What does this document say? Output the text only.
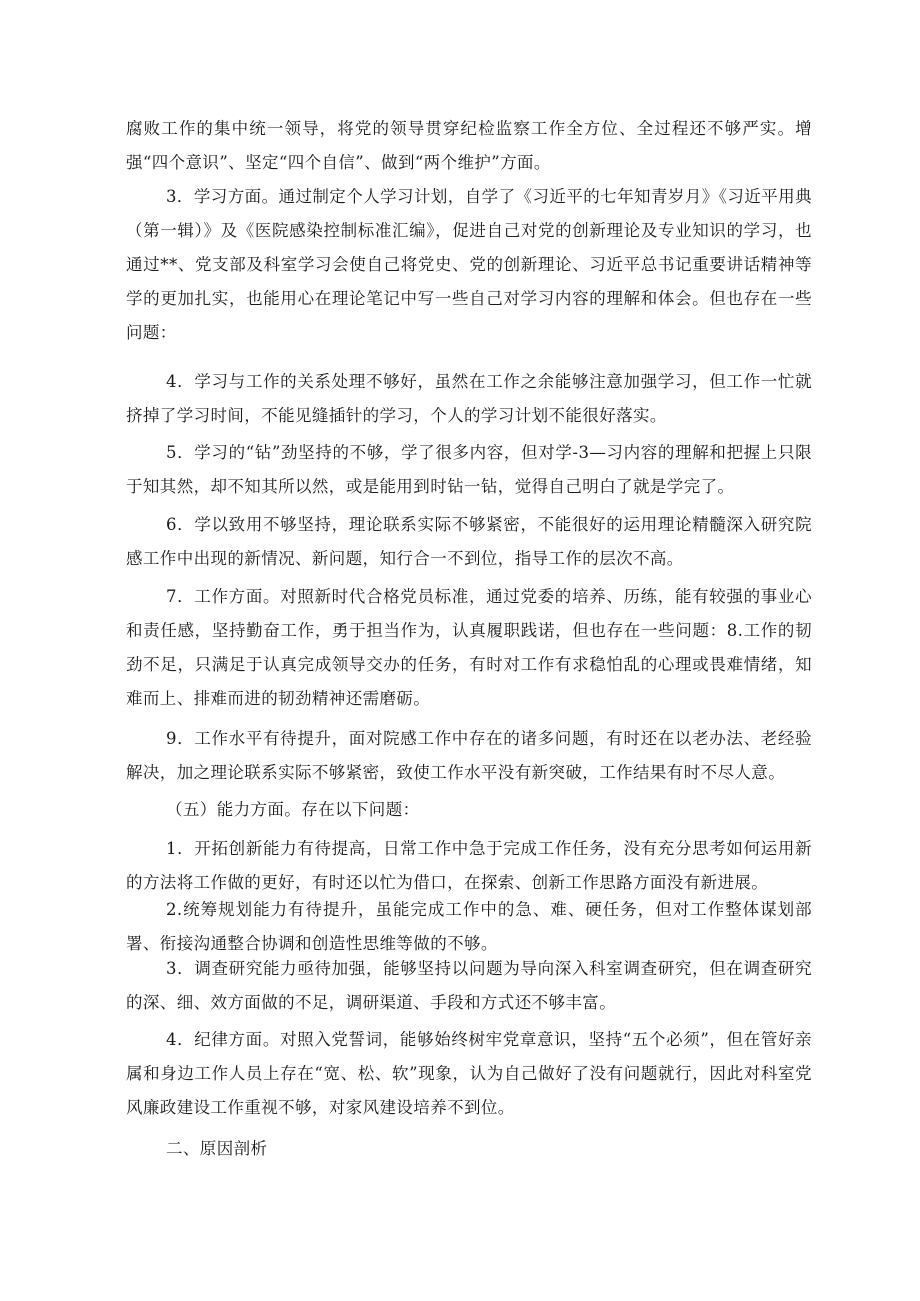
腐败工作的集中统一领导，将党的领导贯穿纪检监察工作全方位、全过程还不够严实。增强“四个意识”、坚定“四个自信”、做到“两个维护”方面。

3．学习方面。通过制定个人学习计划，自学了《习近平的七年知青岁月》《习近平用典（第一辑）》及《医院感染控制标准汇编》，促进自己对党的创新理论及专业知识的学习，也通过**、党支部及科室学习会使自己将党史、党的创新理论、习近平总书记重要讲话精神等学的更加扎实，也能用心在理论笔记中写一些自己对学习内容的理解和体会。但也存在一些问题：

4．学习与工作的关系处理不够好，虽然在工作之余能够注意加强学习，但工作一忙就挤掉了学习时间，不能见缝插针的学习，个人的学习计划不能很好落实。

5．学习的“钻”劲坚持的不够，学了很多内容，但对学-3—习内容的理解和把握上只限于知其然，却不知其所以然，或是能用到时钻一钻，觉得自己明白了就是学完了。

6．学以致用不够坚持，理论联系实际不够紧密，不能很好的运用理论精髓深入研究院感工作中出现的新情况、新问题，知行合一不到位，指导工作的层次不高。

7．工作方面。对照新时代合格党员标准，通过党委的培养、历练，能有较强的事业心和责任感，坚持勤奋工作，勇于担当作为，认真履职践诺，但也存在一些问题：8.工作的韧劲不足，只满足于认真完成领导交办的任务，有时对工作有求稳怕乱的心理或畏难情绪，知难而上、排难而进的韧劲精神还需磨砺。

9．工作水平有待提升，面对院感工作中存在的诸多问题，有时还在以老办法、老经验解决，加之理论联系实际不够紧密，致使工作水平没有新突破，工作结果有时不尽人意。

（五）能力方面。存在以下问题：

1．开拓创新能力有待提高，日常工作中急于完成工作任务，没有充分思考如何运用新的方法将工作做的更好，有时还以忙为借口，在探索、创新工作思路方面没有新进展。

2.统筹规划能力有待提升，虽能完成工作中的急、难、硬任务，但对工作整体谋划部署、衔接沟通整合协调和创造性思维等做的不够。

3．调查研究能力亟待加强，能够坚持以问题为导向深入科室调查研究，但在调查研究的深、细、效方面做的不足，调研渠道、手段和方式还不够丰富。

4．纪律方面。对照入党誓词，能够始终树牢党章意识，坚持“五个必须”，但在管好亲属和身边工作人员上存在“宽、松、软”现象，认为自己做好了没有问题就行，因此对科室党风廉政建设工作重视不够，对家风建设培养不到位。

二、原因剖析
